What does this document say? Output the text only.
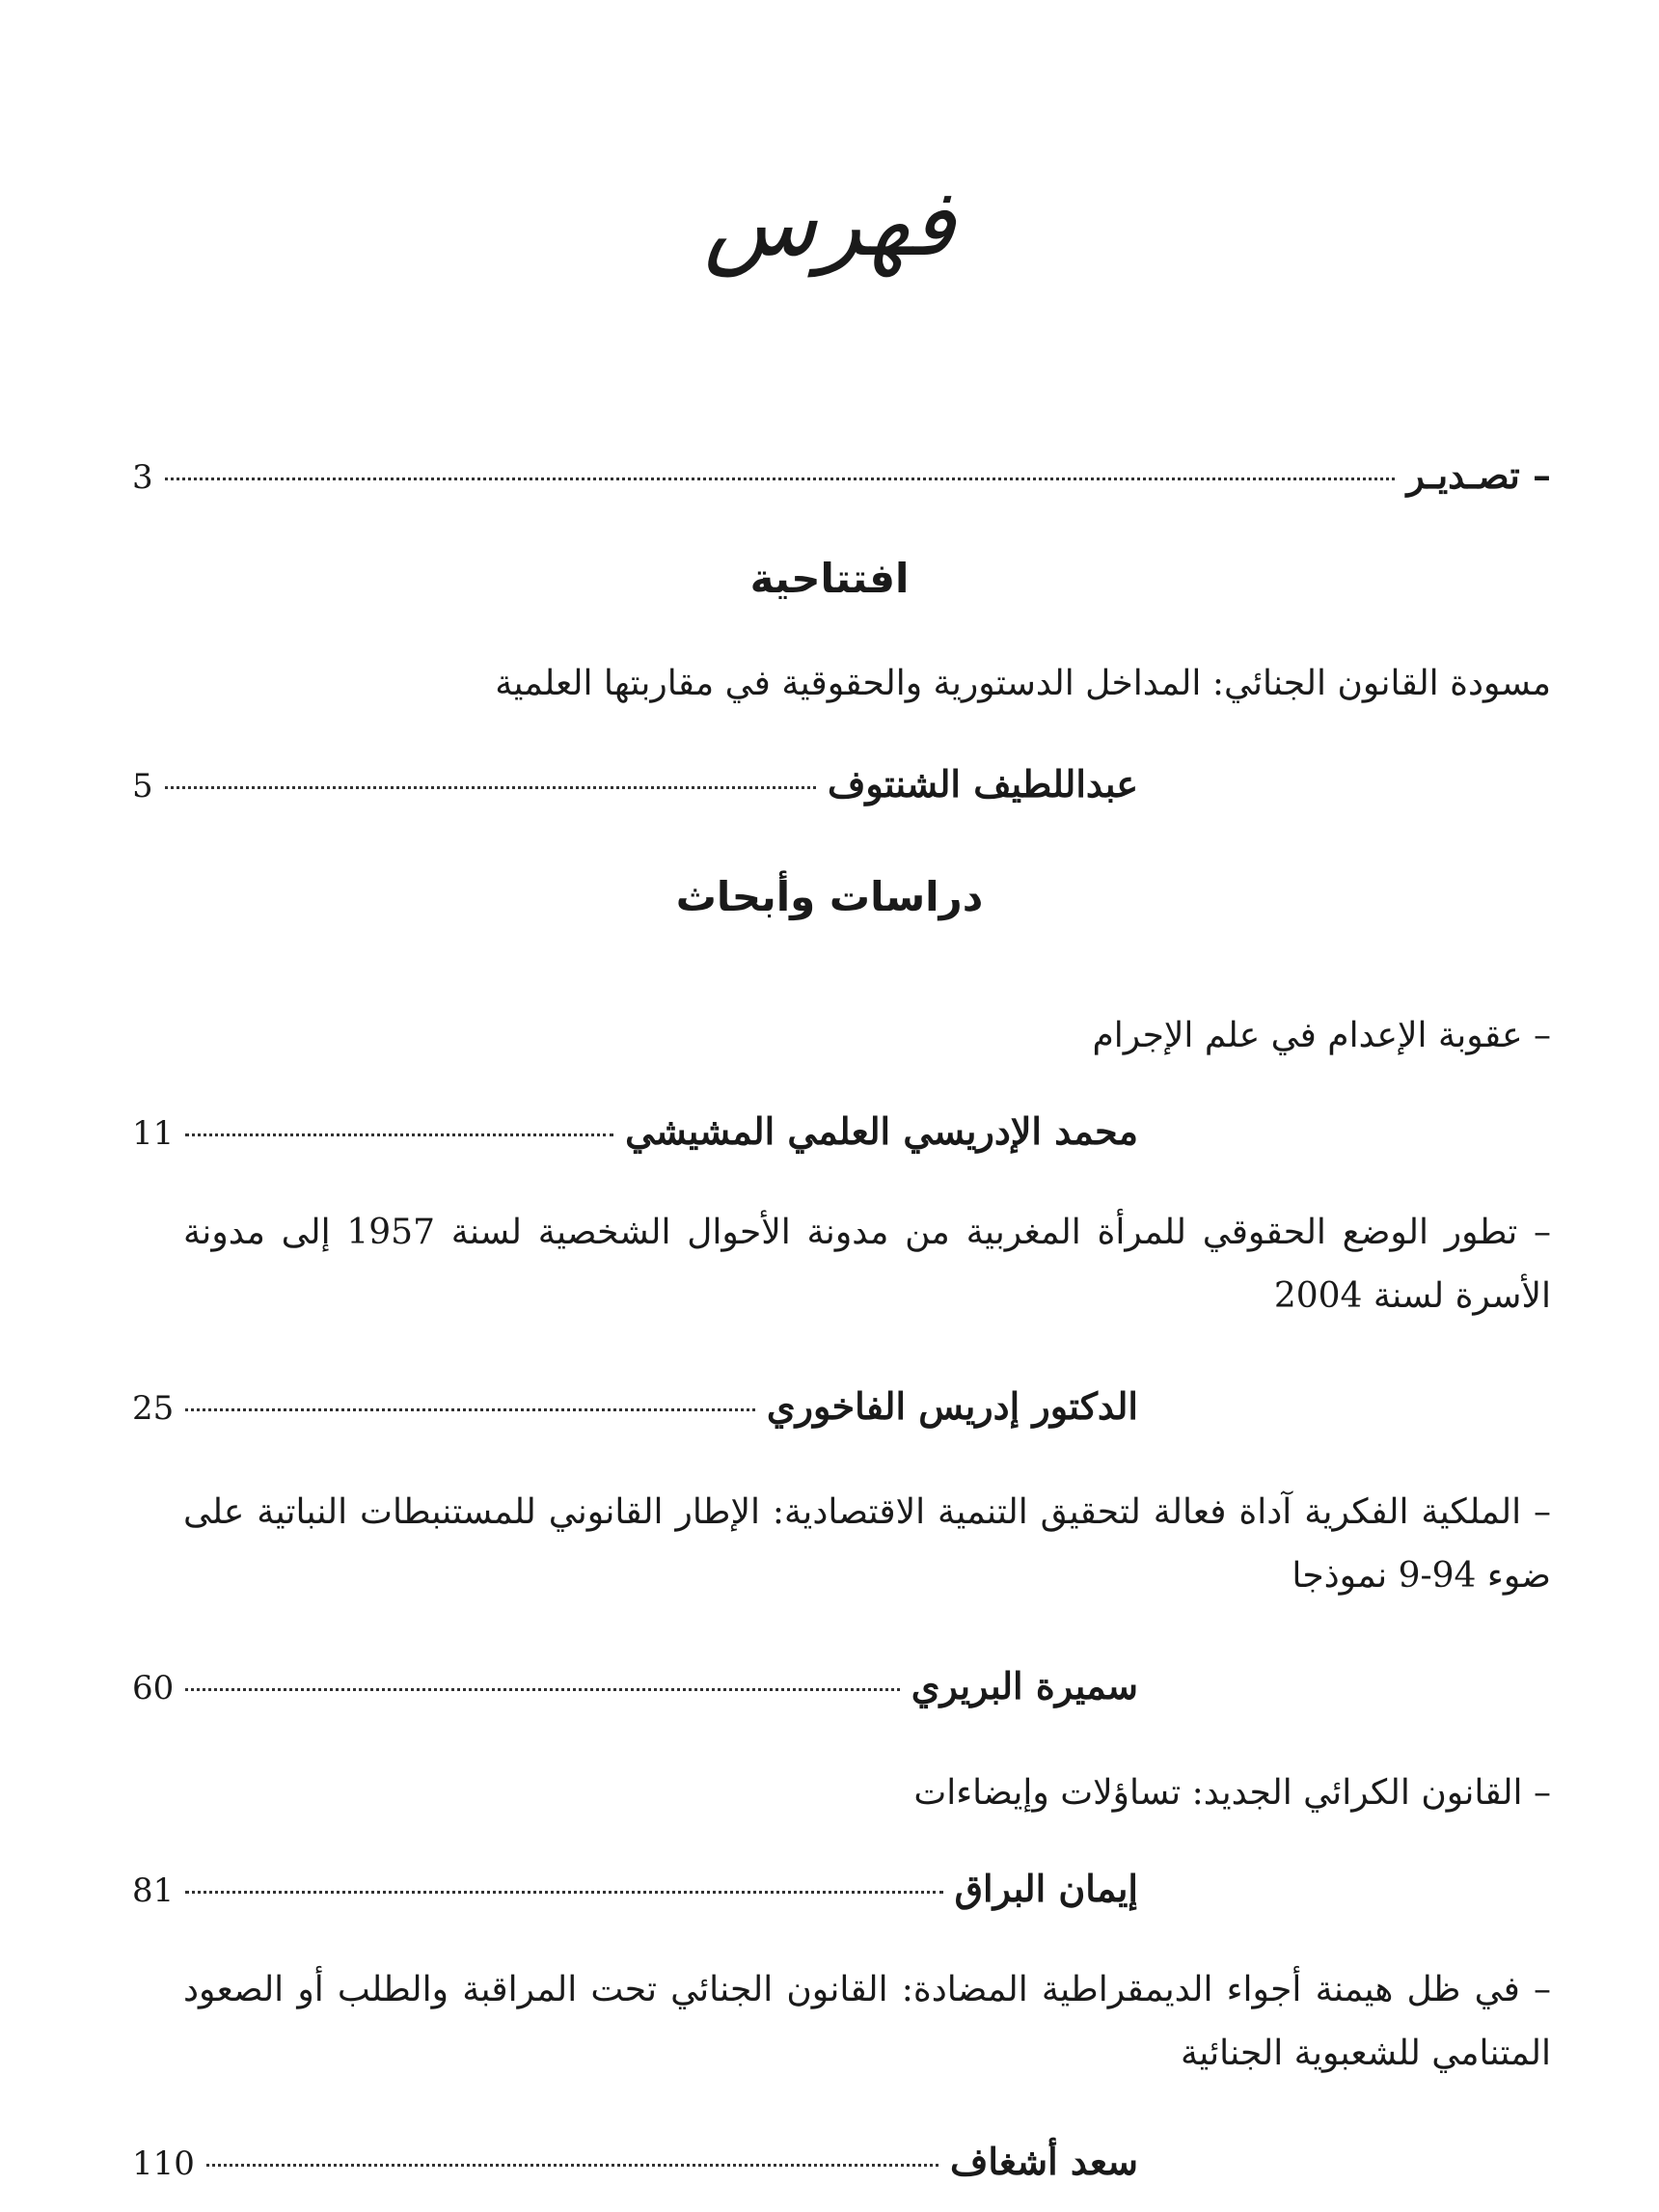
فهرس
– تصـديـر
3
افتتاحية
مسودة القانون الجنائي: المداخل الدستورية والحقوقية في مقاربتها العلمية
عبداللطيف الشنتوف
5
دراسات وأبحاث
– عقوبة الإعدام في علم الإجرام
محمد الإدريسي العلمي المشيشي
11
– تطور الوضع الحقوقي للمرأة المغربية من مدونة الأحوال الشخصية لسنة 1957 إلى مدونة الأسرة لسنة 2004
الدكتور إدريس الفاخوري
25
– الملكية الفكرية آداة فعالة لتحقيق التنمية الاقتصادية: الإطار القانوني للمستنبطات النباتية على ضوء 94-9 نموذجا
سميرة البريري
60
– القانون الكرائي الجديد: تساؤلات وإيضاءات
إيمان البراق
81
– في ظل هيمنة أجواء الديمقراطية المضادة: القانون الجنائي تحت المراقبة والطلب أو الصعود المتنامي للشعبوية الجنائية
سعد أشغاف
110
